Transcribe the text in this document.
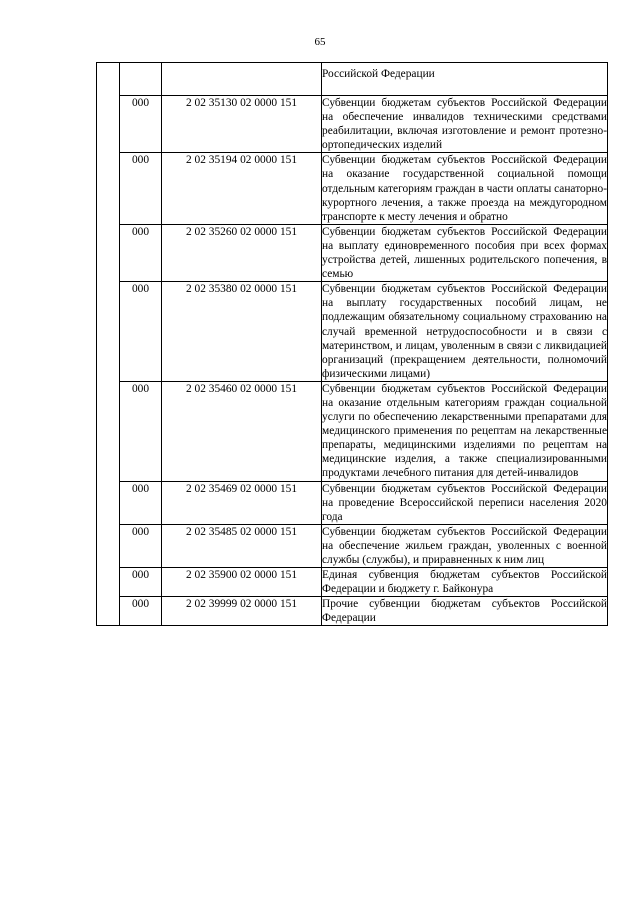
65
			Российской Федерации
	000	2 02 35130 02 0000 151	Субвенции бюджетам субъектов Российской Федерации на обеспечение инвалидов техническими средствами реабилитации, включая изготовление и ремонт протезно-ортопедических изделий
	000	2 02 35194 02 0000 151	Субвенции бюджетам субъектов Российской Федерации на оказание государственной социальной помощи отдельным категориям граждан в части оплаты санаторно-курортного лечения, а также проезда на междугородном транспорте к месту лечения и обратно
	000	2 02 35260 02 0000 151	Субвенции бюджетам субъектов Российской Федерации на выплату единовременного пособия при всех формах устройства детей, лишенных родительского попечения, в семью
	000	2 02 35380 02 0000 151	Субвенции бюджетам субъектов Российской Федерации на выплату государственных пособий лицам, не подлежащим обязательному социальному страхованию на случай временной нетрудоспособности и в связи с материнством, и лицам, уволенным в связи с ликвидацией организаций (прекращением деятельности, полномочий физическими лицами)
	000	2 02 35460 02 0000 151	Субвенции бюджетам субъектов Российской Федерации на оказание отдельным категориям граждан социальной услуги по обеспечению лекарственными препаратами для медицинского применения по рецептам на лекарственные препараты, медицинскими изделиями по рецептам на медицинские изделия, а также специализированными продуктами лечебного питания для детей-инвалидов
	000	2 02 35469 02 0000 151	Субвенции бюджетам субъектов Российской Федерации на проведение Всероссийской переписи населения 2020 года
	000	2 02 35485 02 0000 151	Субвенции бюджетам субъектов Российской Федерации на обеспечение жильем граждан, уволенных с военной службы (службы), и приравненных к ним лиц
	000	2 02 35900 02 0000 151	Единая субвенция бюджетам субъектов Российской Федерации и бюджету г. Байконура
	000	2 02 39999 02 0000 151	Прочие субвенции бюджетам субъектов Российской Федерации
